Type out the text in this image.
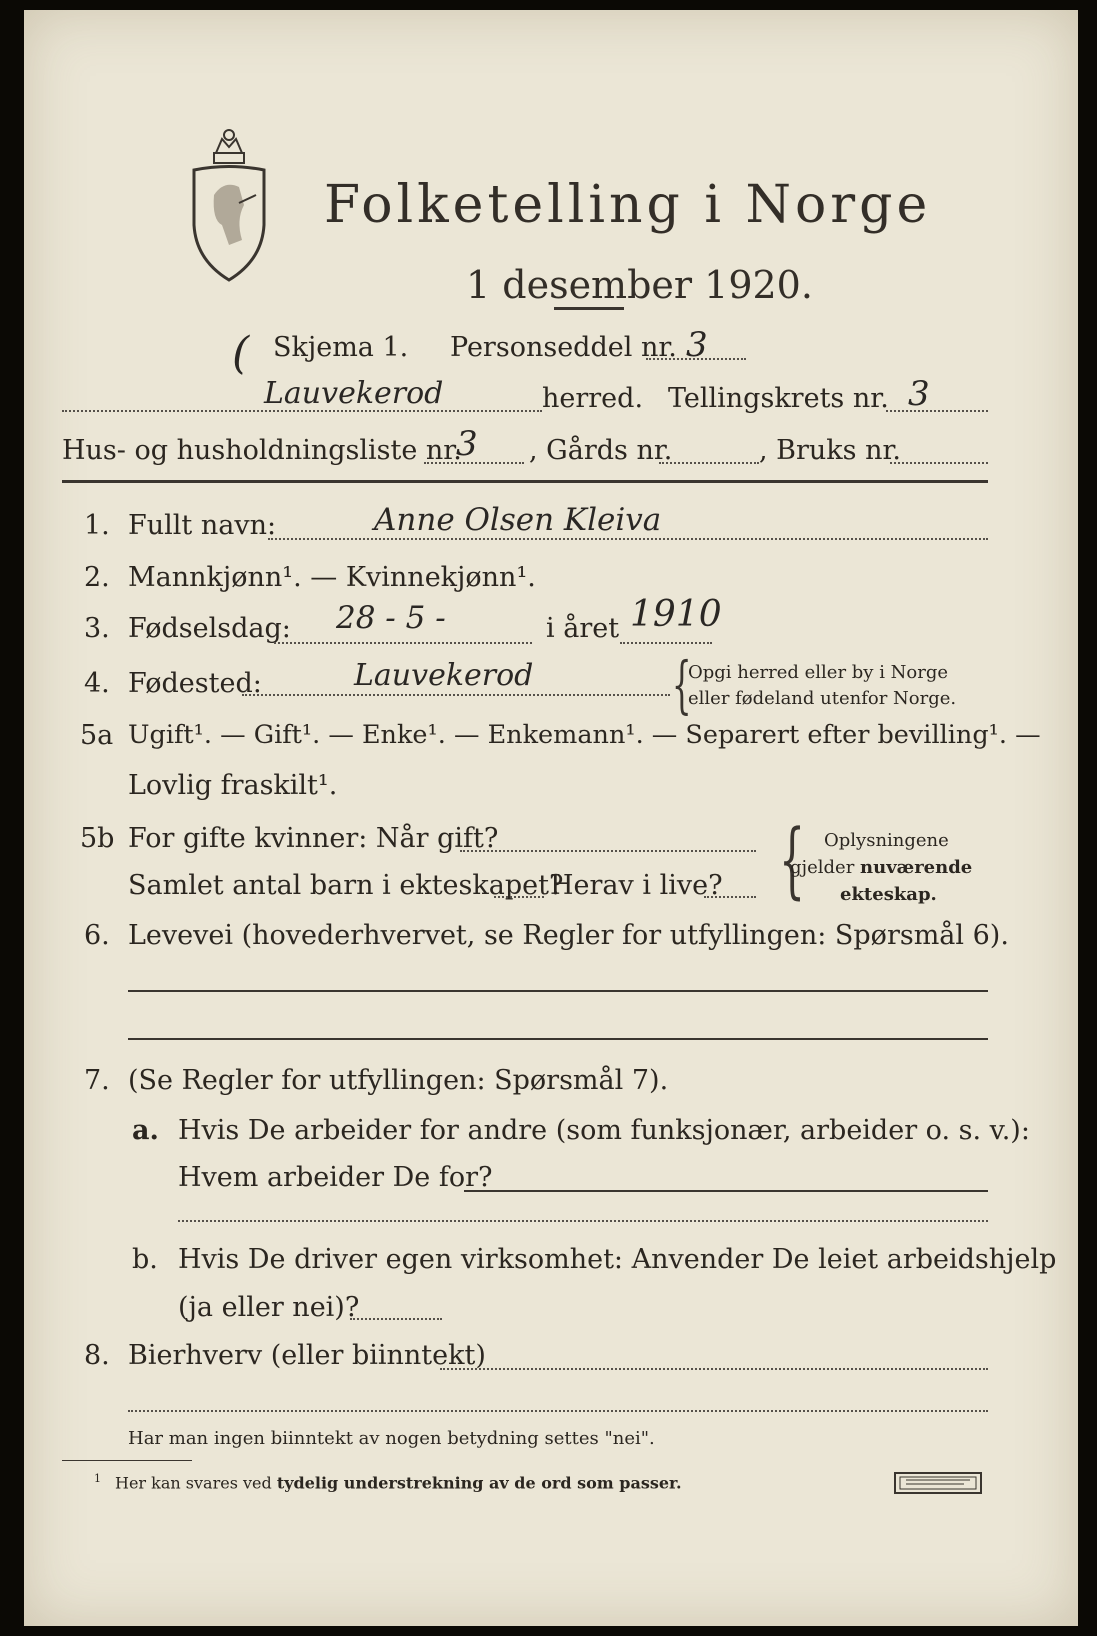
Folketelling i Norge
1 desember 1920.
( Skjema 1. Personseddel nr. 3
Lauvekerod	herred. Tellingskrets nr. 3
Hus- og husholdningsliste nr.
3 , Gårds nr.	, Bruks nr.
1. Fullt navn:	Anne Olsen Kleiva
2. Mannkjønn¹. — Kvinnekjønn¹.
3. Fødselsdag: 28 - 5 -	i året 1910
4. Fødested:	Lauvekerod {
Opgi herred eller by i Norge
eller fødeland utenfor Norge.
5a Ugift¹. — Gift¹. — Enke¹. — Enkemann¹. — Separert efter bevilling¹. —
Lovlig fraskilt¹.
5b For gifte kvinner: Når gift?
Samlet antal barn i ekteskapet?
Herav i live? { Oplysningene
gjelder nuværende
ekteskap.
6. Levevei (hovederhvervet, se Regler for utfyllingen: Spørsmål 6).
7. (Se Regler for utfyllingen: Spørsmål 7).
a. Hvis De arbeider for andre (som funksjonær, arbeider o. s. v.):
Hvem arbeider De for?
b. Hvis De driver egen virksomhet: Anvender De leiet arbeidshjelp
(ja eller nei)?
8. Bierhverv (eller biinntekt)
Har man ingen biinntekt av nogen betydning settes "nei".
$^1$ Her kan svares ved tydelig understrekning av de ord som passer.
